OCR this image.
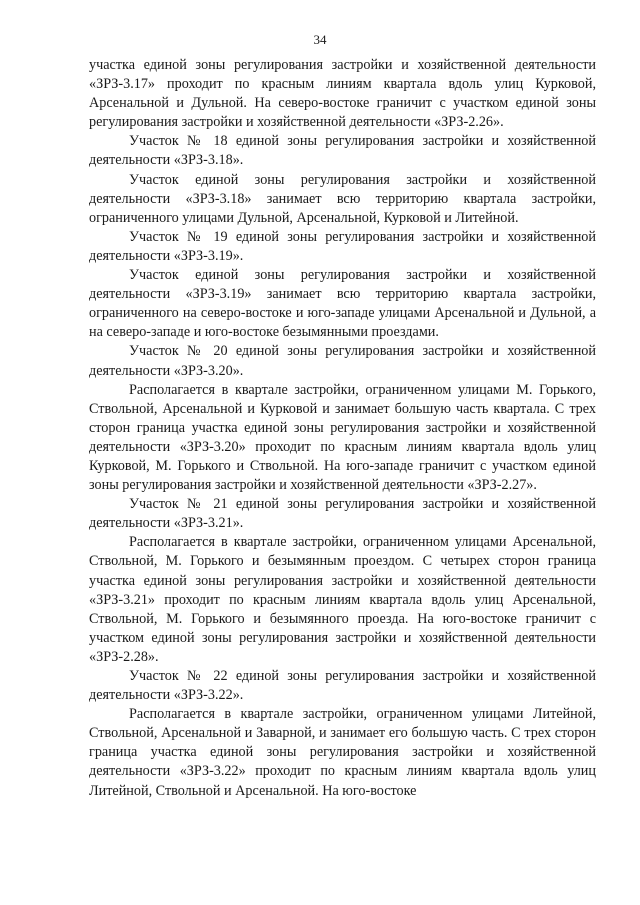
34

участка единой зоны регулирования застройки и хозяйственной деятельности «ЗРЗ-3.17» проходит по красным линиям квартала вдоль улиц Курковой, Арсенальной и Дульной. На северо-востоке граничит с участком единой зоны регулирования застройки и хозяйственной деятельности «ЗРЗ-2.26».

Участок № 18 единой зоны регулирования застройки и хозяйственной деятельности «ЗРЗ-3.18».

Участок единой зоны регулирования застройки и хозяйственной деятельности «ЗРЗ-3.18» занимает всю территорию квартала застройки, ограниченного улицами Дульной, Арсенальной, Курковой и Литейной.

Участок № 19 единой зоны регулирования застройки и хозяйственной деятельности «ЗРЗ-3.19».

Участок единой зоны регулирования застройки и хозяйственной деятельности «ЗРЗ-3.19» занимает всю территорию квартала застройки, ограниченного на северо-востоке и юго-западе улицами Арсенальной и Дульной, а на северо-западе и юго-востоке безымянными проездами.

Участок № 20 единой зоны регулирования застройки и хозяйственной деятельности «ЗРЗ-3.20».

Располагается в квартале застройки, ограниченном улицами М. Горького, Ствольной, Арсенальной и Курковой и занимает большую часть квартала. С трех сторон граница участка единой зоны регулирования застройки и хозяйственной деятельности «ЗРЗ-3.20» проходит по красным линиям квартала вдоль улиц Курковой, М. Горького и Ствольной. На юго-западе граничит с участком единой зоны регулирования застройки и хозяйственной деятельности «ЗРЗ-2.27».

Участок № 21 единой зоны регулирования застройки и хозяйственной деятельности «ЗРЗ-3.21».

Располагается в квартале застройки, ограниченном улицами Арсенальной, Ствольной, М. Горького и безымянным проездом. С четырех сторон граница участка единой зоны регулирования застройки и хозяйственной деятельности «ЗРЗ-3.21» проходит по красным линиям квартала вдоль улиц Арсенальной, Ствольной, М. Горького и безымянного проезда. На юго-востоке граничит с участком единой зоны регулирования застройки и хозяйственной деятельности «ЗРЗ-2.28».

Участок № 22 единой зоны регулирования застройки и хозяйственной деятельности «ЗРЗ-3.22».

Располагается в квартале застройки, ограниченном улицами Литейной, Ствольной, Арсенальной и Заварной, и занимает его большую часть. С трех сторон граница участка единой зоны регулирования застройки и хозяйственной деятельности «ЗРЗ-3.22» проходит по красным линиям квартала вдоль улиц Литейной, Ствольной и Арсенальной. На юго-востоке
